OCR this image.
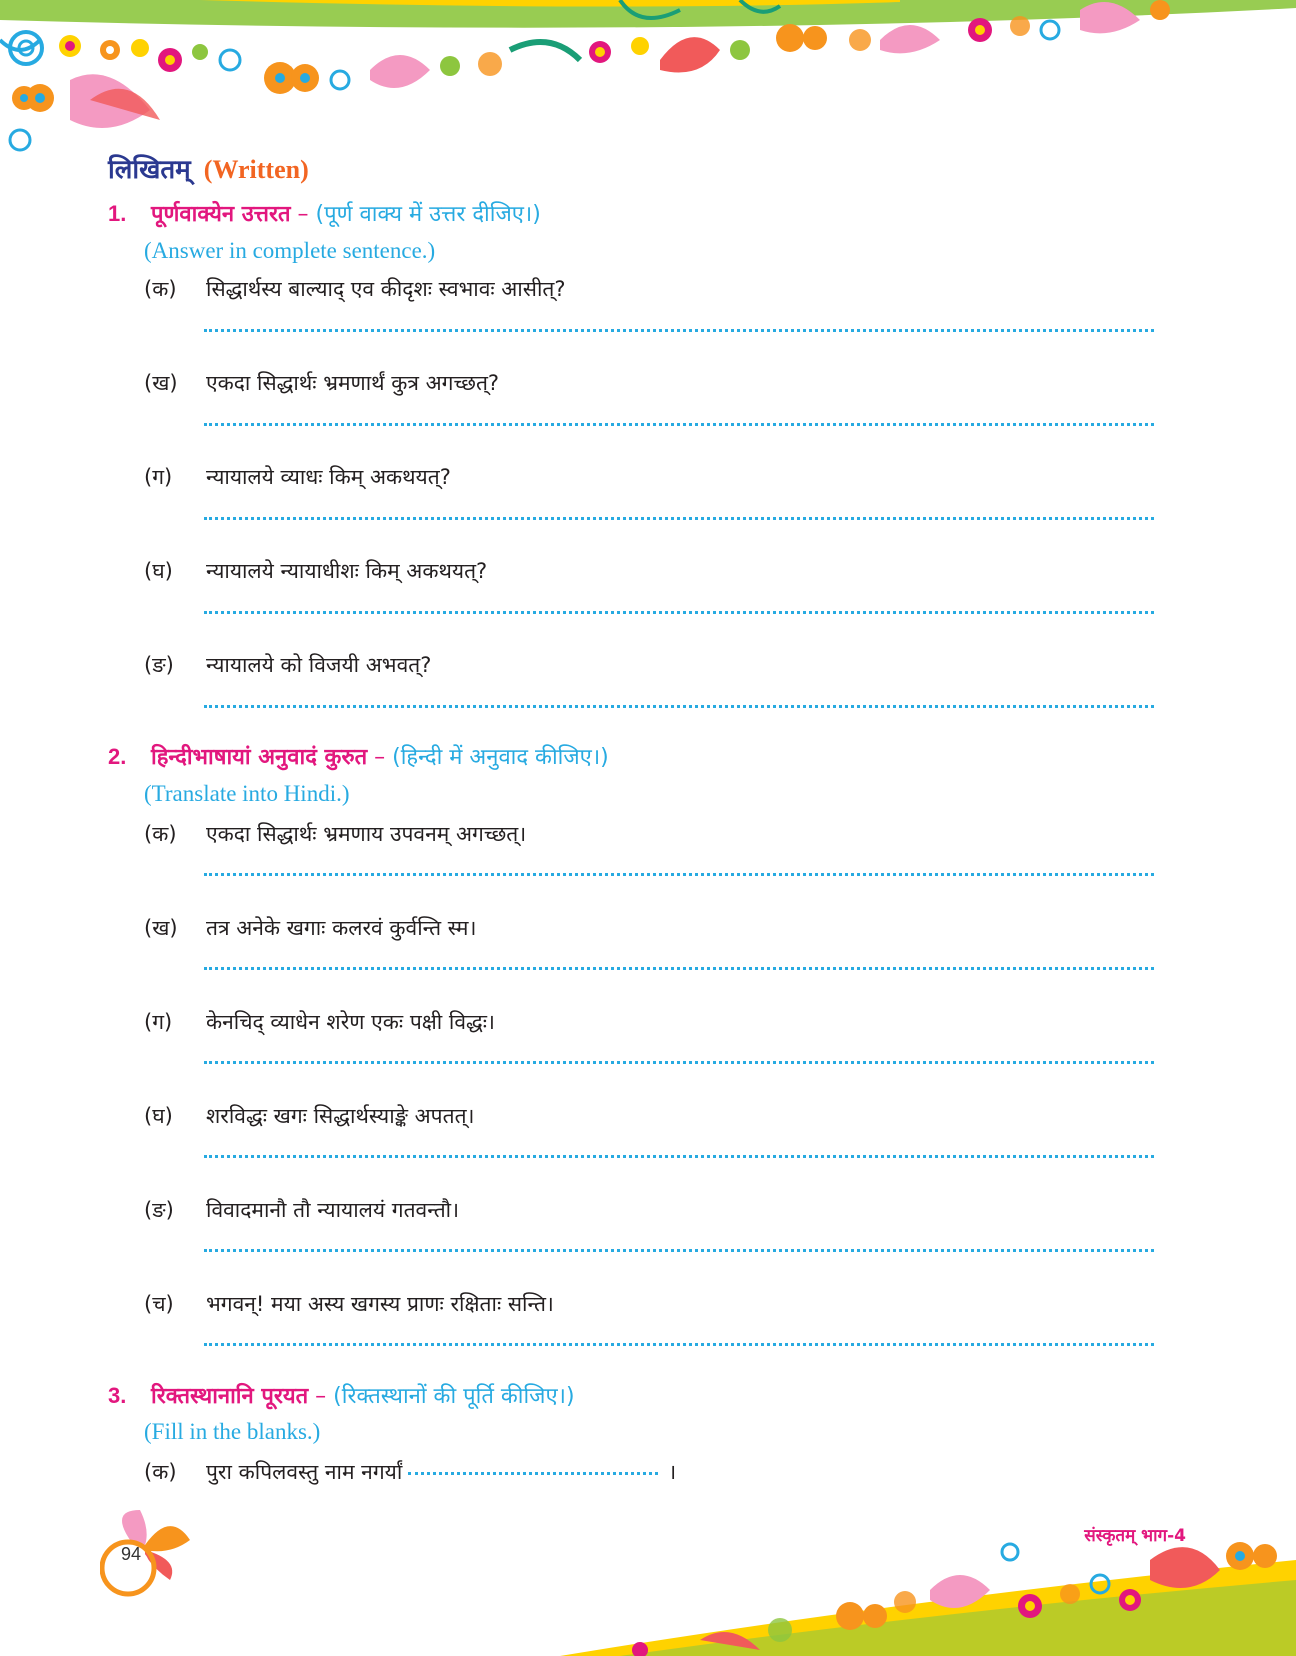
94
संस्कृतम् भाग-4
लिखितम् (Written)
1. पूर्णवाक्येन उत्तरत – (पूर्ण वाक्य में उत्तर दीजिए।)
(Answer in complete sentence.)
(क) सिद्धार्थस्य बाल्याद् एव कीदृशः स्वभावः आसीत्?
(ख) एकदा सिद्धार्थः भ्रमणार्थं कुत्र अगच्छत्?
(ग) न्यायालये व्याधः किम् अकथयत्?
(घ) न्यायालये न्यायाधीशः किम् अकथयत्?
(ङ) न्यायालये को विजयी अभवत्?
2. हिन्दीभाषायां अनुवादं कुरुत – (हिन्दी में अनुवाद कीजिए।)
(Translate into Hindi.)
(क) एकदा सिद्धार्थः भ्रमणाय उपवनम् अगच्छत्।
(ख) तत्र अनेके खगाः कलरवं कुर्वन्ति स्म।
(ग) केनचिद् व्याधेन शरेण एकः पक्षी विद्धः।
(घ) शरविद्धः खगः सिद्धार्थस्याङ्के अपतत्।
(ङ) विवादमानौ तौ न्यायालयं गतवन्तौ।
(च) भगवन्! मया अस्य खगस्य प्राणः रक्षिताः सन्ति।
3. रिक्तस्थानानि पूरयत – (रिक्तस्थानों की पूर्ति कीजिए।)
(Fill in the blanks.)
(क) पुरा कपिलवस्तु नाम नगर्यां	।
